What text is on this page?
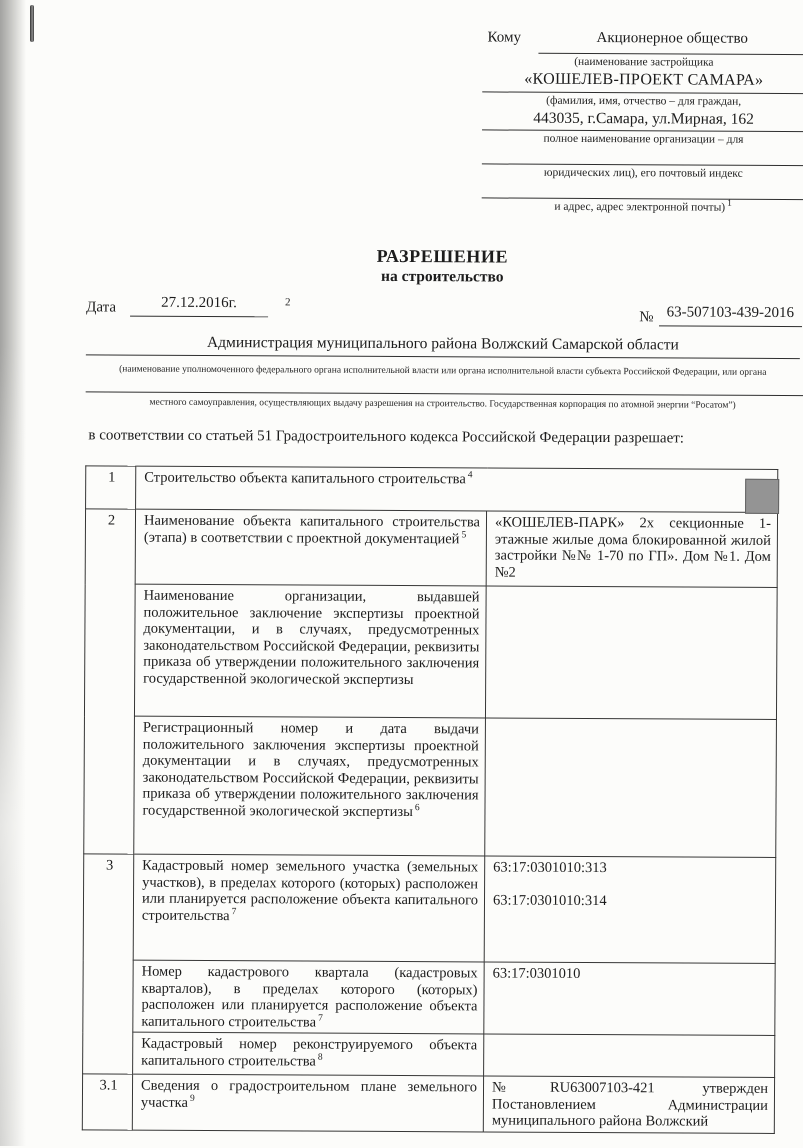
Кому	Акционерное общество
(наименование застройщика
«КОШЕЛЕВ-ПРОЕКТ САМАРА»
(фамилия, имя, отчество – для граждан,
443035, г.Самара, ул.Мирная, 162
полное наименование организации – для
юридических лиц), его почтовый индекс
и адрес, адрес электронной почты) $^1$
РАЗРЕШЕНИЕ
на строительство
Дата	27.12.2016г.	2
№ 63-507103-439-2016
Администрация муниципального района Волжский Самарской области
(наименование уполномоченного федерального органа исполнительной власти или органа исполнительной власти субъекта Российской Федерации, или органа
местного самоуправления, осуществляющих выдачу разрешения на строительство. Государственная корпорация по атомной энергии “Росатом”)
в соответствии со статьей 51 Градостроительного кодекса Российской Федерации разрешает:
1	Строительство объекта капитального строительства $^4$

2	Наименование объекта капитального строительства (этапа) в соответствии с проектной документацией $^5$	«КОШЕЛЕВ-ПАРК» 2х секционные 1-этажные жилые дома блокированной жилой застройки №№ 1-70 по ГП». Дом №1. Дом №2
	Наименование организации, выдавшей положительное заключение экспертизы проектной документации, и в случаях, предусмотренных законодательством Российской Федерации, реквизиты приказа об утверждении положительного заключения государственной экологической экспертизы	
	Регистрационный номер и дата выдачи положительного заключения экспертизы проектной документации и в случаях, предусмотренных законодательством Российской Федерации, реквизиты приказа об утверждении положительного заключения государственной экологической экспертизы $^6$	
3	Кадастровый номер земельного участка (земельных участков), в пределах которого (которых) расположен или планируется расположение объекта капитального строительства $^7$	63:17:0301010:313
63:17:0301010:314

	Номер кадастрового квартала (кадастровых кварталов), в пределах которого (которых) расположен или планируется расположение объекта капитального строительства $^7$	63:17:0301010
	Кадастровый номер реконструируемого объекта капитального строительства $^8$	
3.1	Сведения о градостроительном плане земельного участка $^9$	№RU63007103-421 утвержден Постановлением Администрации муниципального района Волжский
